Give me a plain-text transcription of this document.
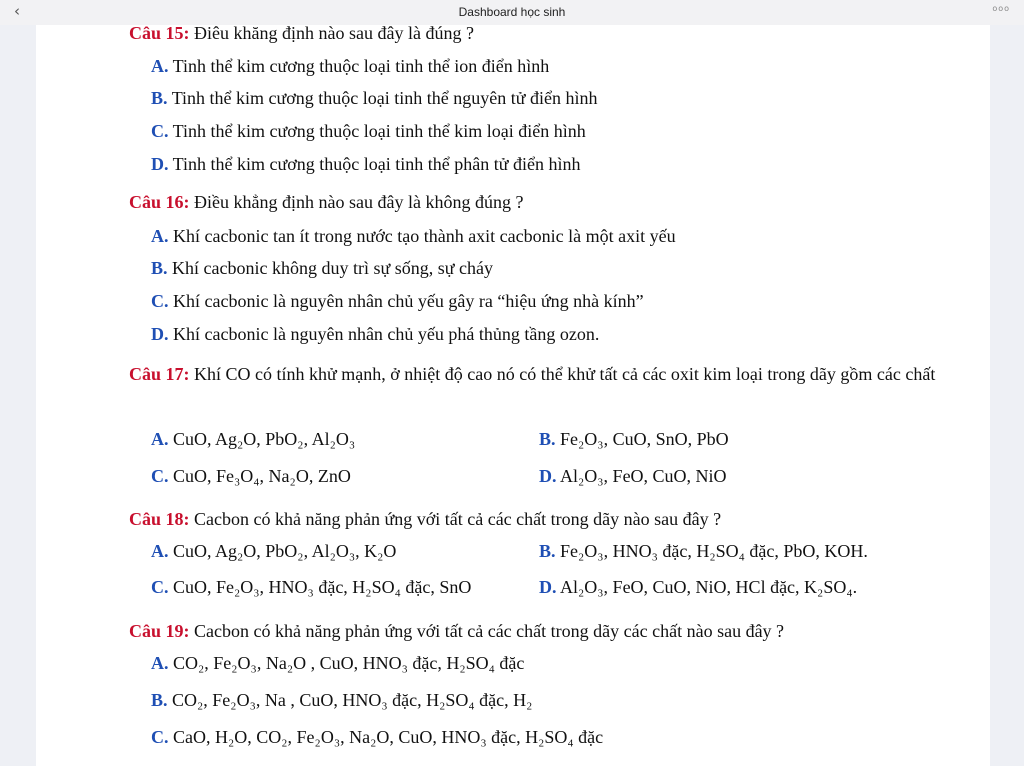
‹	Dashboard học sinh	ooo
Câu 15: Điêu khăng định nào sau đây là đúng ?
A. Tinh thể kim cương thuộc loại tinh thể ion điển hình
B. Tinh thể kim cương thuộc loại tinh thể nguyên tử điển hình
C. Tinh thể kim cương thuộc loại tinh thể kim loại điển hình
D. Tinh thể kim cương thuộc loại tinh thể phân tử điển hình
Câu 16: Điều khẳng định nào sau đây là không đúng ?
A. Khí cacbonic tan ít trong nước tạo thành axit cacbonic là một axit yếu
B. Khí cacbonic không duy trì sự sống, sự cháy
C. Khí cacbonic là nguyên nhân chủ yếu gây ra “hiệu ứng nhà kính”
D. Khí cacbonic là nguyên nhân chủ yếu phá thủng tầng ozon.
Câu 17: Khí CO có tính khử mạnh, ở nhiệt độ cao nó có thể khử tất cả các oxit kim loại trong dãy gồm các chất
A. CuO, Ag₂O, PbO₂, Al₂O₃	B. Fe₂O₃, CuO, SnO, PbO
C. CuO, Fe₃O₄, Na₂O, ZnO	D. Al₂O₃, FeO, CuO, NiO
Câu 18: Cacbon có khả năng phản ứng với tất cả các chất trong dãy nào sau đây ?
A. CuO, Ag₂O, PbO₂, Al₂O₃, K₂O	B. Fe₂O₃, HNO₃ đặc, H₂SO₄ đặc, PbO, KOH.
C. CuO, Fe₂O₃, HNO₃ đặc, H₂SO₄ đặc, SnO	D. Al₂O₃, FeO, CuO, NiO, HCl đặc, K₂SO₄.
Câu 19: Cacbon có khả năng phản ứng với tất cả các chất trong dãy các chất nào sau đây ?
A. CO₂, Fe₂O₃, Na₂O , CuO, HNO₃ đặc, H₂SO₄ đặc
B. CO₂, Fe₂O₃, Na , CuO, HNO₃ đặc, H₂SO₄ đặc, H₂
C. CaO, H₂O, CO₂, Fe₂O₃, Na₂O, CuO, HNO₃ đặc, H₂SO₄ đặc
